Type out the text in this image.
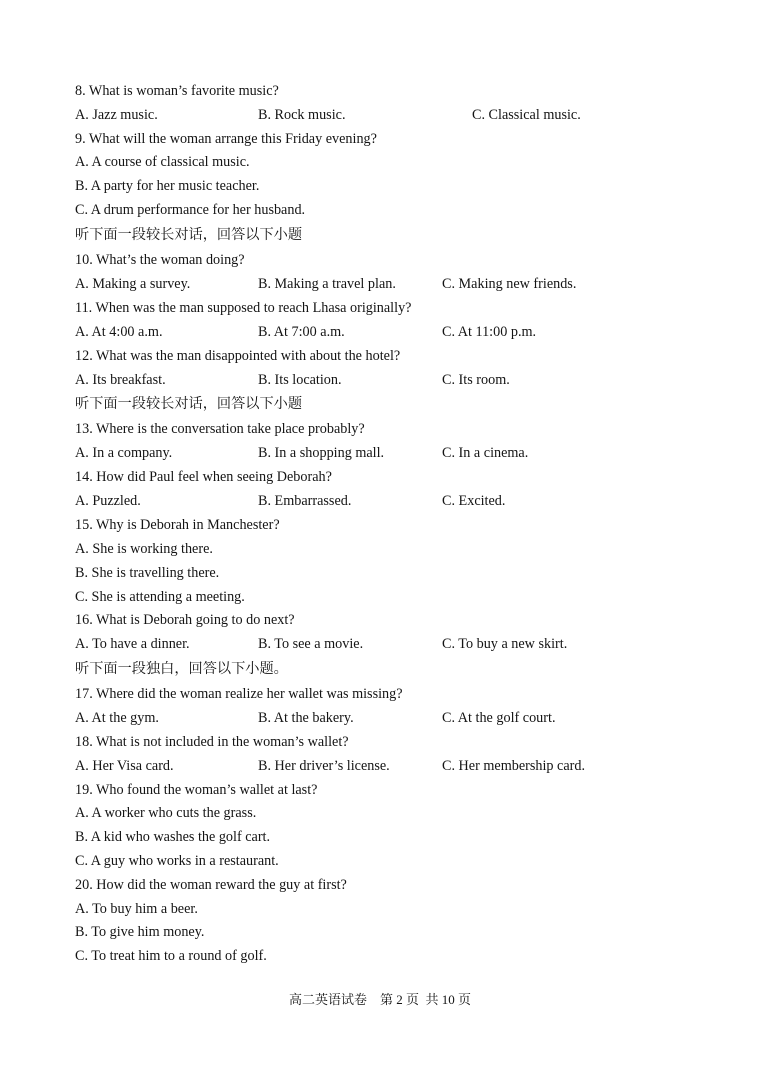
高二英语试卷    第 2 页  共 10 页
8. What is woman’s favorite music?
A. Jazz music.	B. Rock music.	C. Classical music.
9. What will the woman arrange this Friday evening?
A. A course of classical music.
B. A party for her music teacher.
C. A drum performance for her husband.
听下面一段较长对话，回答以下小题
10. What’s the woman doing?
A. Making a survey.	B. Making a travel plan.	C. Making new friends.
11. When was the man supposed to reach Lhasa originally?
A. At 4:00 a.m.	B. At 7:00 a.m.	C. At 11:00 p.m.
12. What was the man disappointed with about the hotel?
A. Its breakfast.	B. Its location.	C. Its room.
听下面一段较长对话，回答以下小题
13. Where is the conversation take place probably?
A. In a company.	B. In a shopping mall.	C. In a cinema.
14. How did Paul feel when seeing Deborah?
A. Puzzled.	B. Embarrassed.	C. Excited.
15. Why is Deborah in Manchester?
A. She is working there.
B. She is travelling there.
C. She is attending a meeting.
16. What is Deborah going to do next?
A. To have a dinner.	B. To see a movie.	C. To buy a new skirt.
听下面一段独白，回答以下小题。
17. Where did the woman realize her wallet was missing?
A. At the gym.	B. At the bakery.	C. At the golf court.
18. What is not included in the woman’s wallet?
A. Her Visa card.	B. Her driver’s license.	C. Her membership card.
19. Who found the woman’s wallet at last?
A. A worker who cuts the grass.
B. A kid who washes the golf cart.
C. A guy who works in a restaurant.
20. How did the woman reward the guy at first?
A. To buy him a beer.
B. To give him money.
C. To treat him to a round of golf.
